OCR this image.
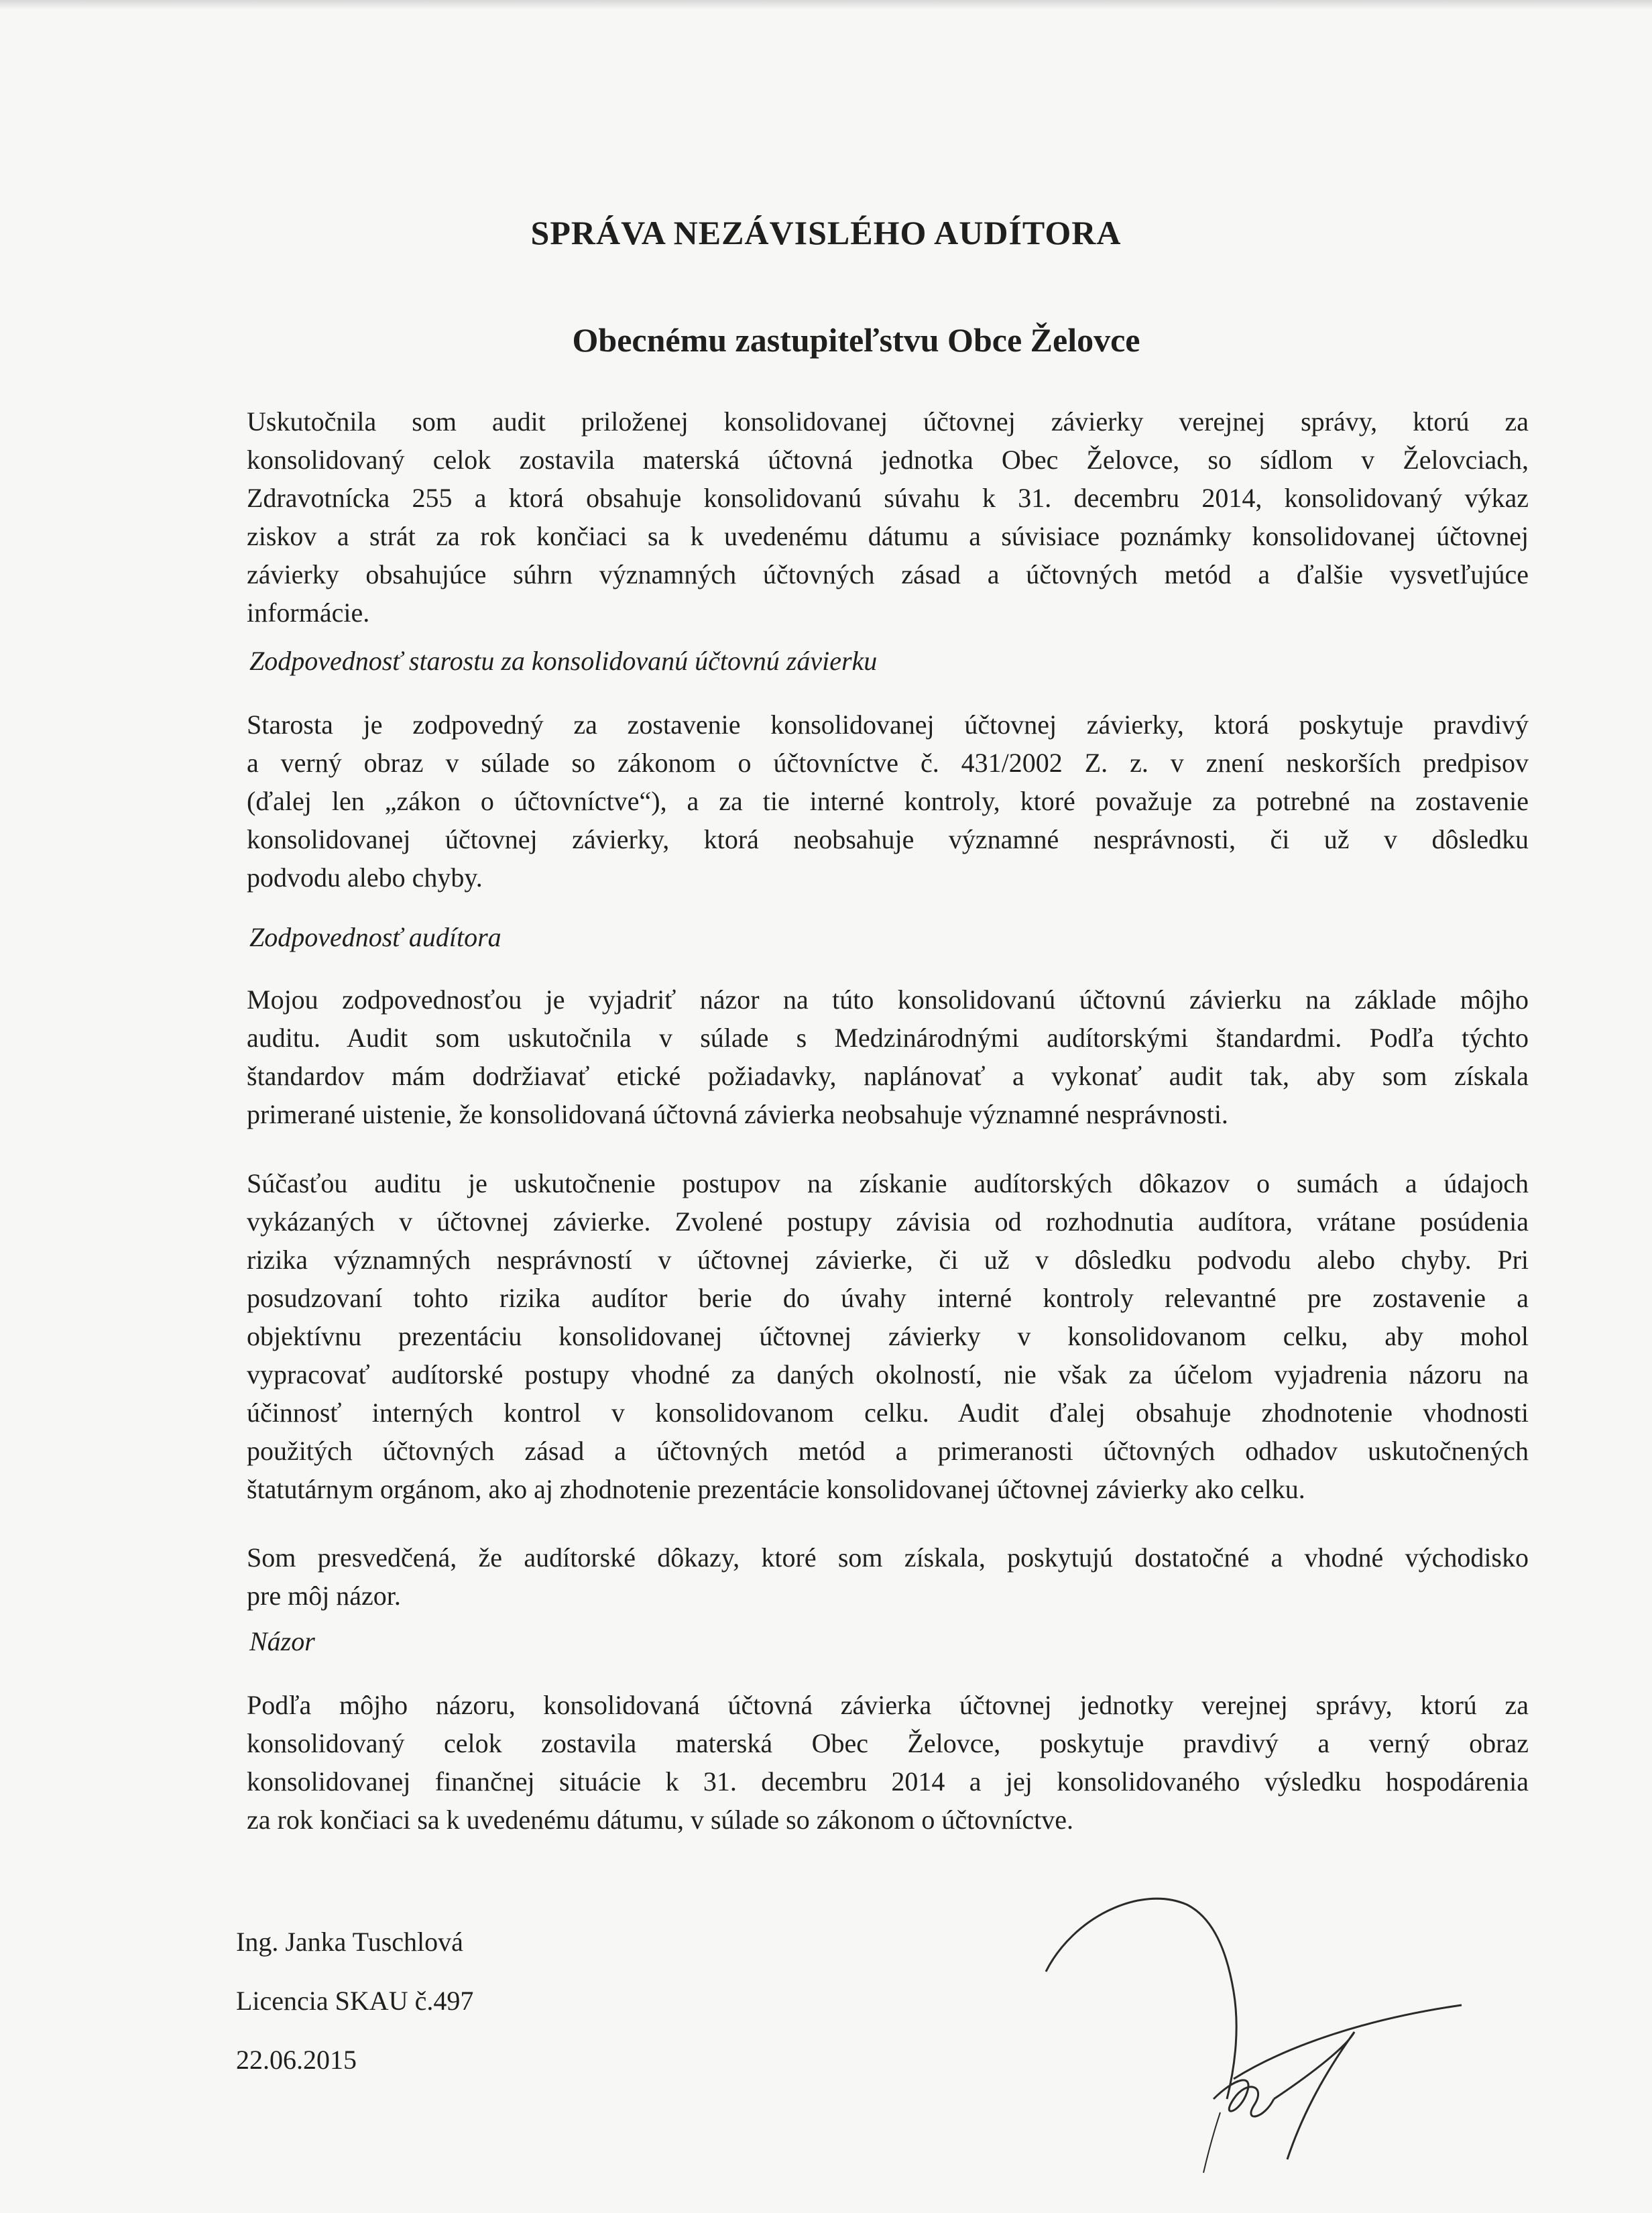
SPRÁVA NEZÁVISLÉHO AUDÍTORA
Obecnému zastupiteľstvu Obce Želovce
Uskutočnila som audit priloženej konsolidovanej účtovnej závierky verejnej správy, ktorú za
konsolidovaný celok zostavila materská účtovná jednotka Obec Želovce, so sídlom v Želovciach,
Zdravotnícka 255 a ktorá obsahuje konsolidovanú súvahu k 31. decembru 2014, konsolidovaný výkaz
ziskov a strát za rok končiaci sa k uvedenému dátumu a súvisiace poznámky konsolidovanej účtovnej
závierky obsahujúce súhrn významných účtovných zásad a účtovných metód a ďalšie vysvetľujúce
informácie.
Zodpovednosť starostu za konsolidovanú účtovnú závierku
Starosta je zodpovedný za zostavenie konsolidovanej účtovnej závierky, ktorá poskytuje pravdivý
a verný obraz v súlade so zákonom o účtovníctve č. 431/2002 Z. z. v znení neskorších predpisov
(ďalej len „zákon o účtovníctve“), a za tie interné kontroly, ktoré považuje za potrebné na zostavenie
konsolidovanej účtovnej závierky, ktorá neobsahuje významné nesprávnosti, či už v dôsledku
podvodu alebo chyby.
Zodpovednosť audítora
Mojou zodpovednosťou je vyjadriť názor na túto konsolidovanú účtovnú závierku na základe môjho
auditu. Audit som uskutočnila v súlade s Medzinárodnými audítorskými štandardmi. Podľa týchto
štandardov mám dodržiavať etické požiadavky, naplánovať a vykonať audit tak, aby som získala
primerané uistenie, že konsolidovaná účtovná závierka neobsahuje významné nesprávnosti.
Súčasťou auditu je uskutočnenie postupov na získanie audítorských dôkazov o sumách a údajoch
vykázaných v účtovnej závierke. Zvolené postupy závisia od rozhodnutia audítora, vrátane posúdenia
rizika významných nesprávností v účtovnej závierke, či už v dôsledku podvodu alebo chyby. Pri
posudzovaní tohto rizika audítor berie do úvahy interné kontroly relevantné pre zostavenie a
objektívnu prezentáciu konsolidovanej účtovnej závierky v konsolidovanom celku, aby mohol
vypracovať audítorské postupy vhodné za daných okolností, nie však za účelom vyjadrenia názoru na
účinnosť interných kontrol v konsolidovanom celku. Audit ďalej obsahuje zhodnotenie vhodnosti
použitých účtovných zásad a účtovných metód a primeranosti účtovných odhadov uskutočnených
štatutárnym orgánom, ako aj zhodnotenie prezentácie konsolidovanej účtovnej závierky ako celku.
Som presvedčená, že audítorské dôkazy, ktoré som získala, poskytujú dostatočné a vhodné východisko
pre môj názor.
Názor
Podľa môjho názoru, konsolidovaná účtovná závierka účtovnej jednotky verejnej správy, ktorú za
konsolidovaný celok zostavila materská Obec Želovce, poskytuje pravdivý a verný obraz
konsolidovanej finančnej situácie k 31. decembru 2014 a jej konsolidovaného výsledku hospodárenia
za rok končiaci sa k uvedenému dátumu, v súlade so zákonom o účtovníctve.
Ing. Janka Tuschlová
Licencia SKAU č.497
22.06.2015
